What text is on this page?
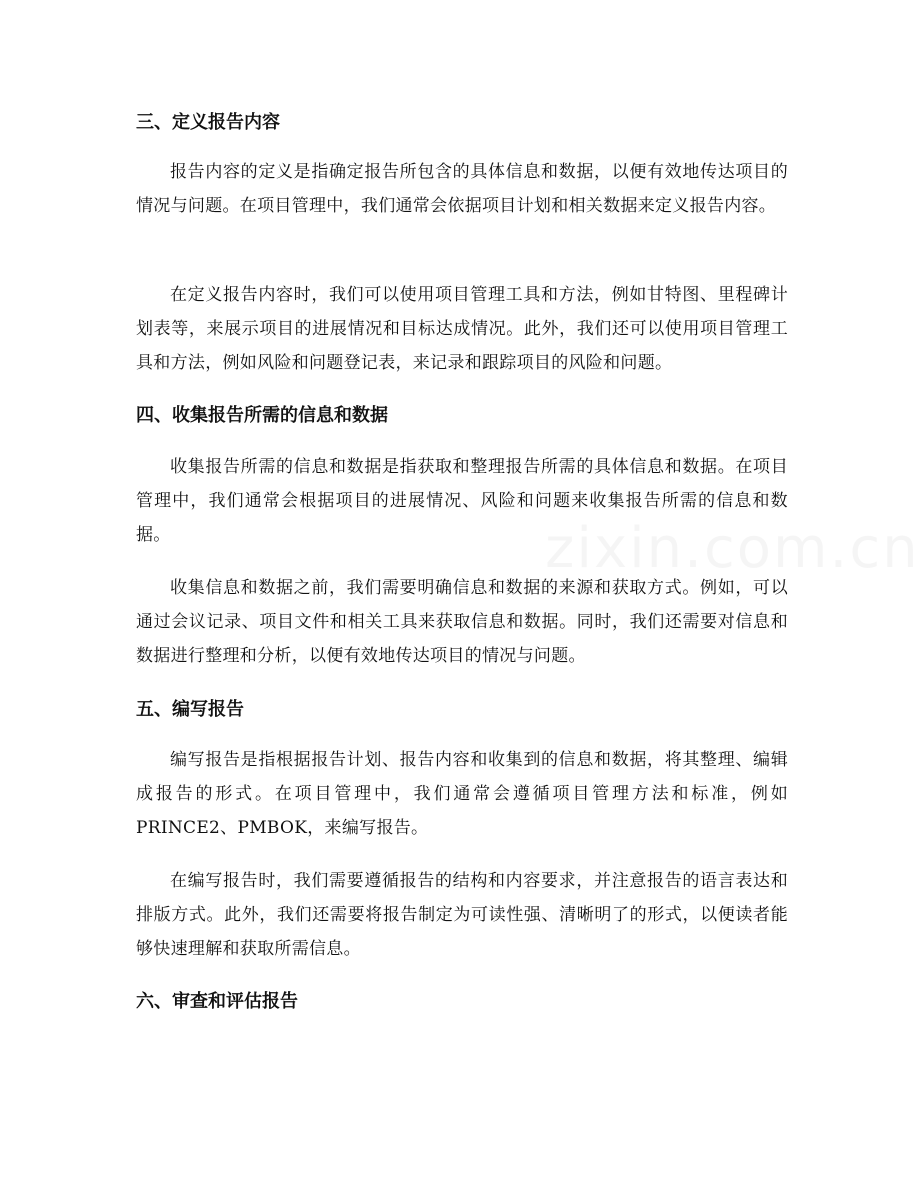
三、定义报告内容

报告内容的定义是指确定报告所包含的具体信息和数据，以便有效地传达项目的情况与问题。在项目管理中，我们通常会依据项目计划和相关数据来定义报告内容。

在定义报告内容时，我们可以使用项目管理工具和方法，例如甘特图、里程碑计划表等，来展示项目的进展情况和目标达成情况。此外，我们还可以使用项目管理工具和方法，例如风险和问题登记表，来记录和跟踪项目的风险和问题。

四、收集报告所需的信息和数据

收集报告所需的信息和数据是指获取和整理报告所需的具体信息和数据。在项目管理中，我们通常会根据项目的进展情况、风险和问题来收集报告所需的信息和数据。

收集信息和数据之前，我们需要明确信息和数据的来源和获取方式。例如，可以通过会议记录、项目文件和相关工具来获取信息和数据。同时，我们还需要对信息和数据进行整理和分析，以便有效地传达项目的情况与问题。

五、编写报告

编写报告是指根据报告计划、报告内容和收集到的信息和数据，将其整理、编辑成报告的形式。在项目管理中，我们通常会遵循项目管理方法和标准，例如PRINCE2、PMBOK，来编写报告。

在编写报告时，我们需要遵循报告的结构和内容要求，并注意报告的语言表达和排版方式。此外，我们还需要将报告制定为可读性强、清晰明了的形式，以便读者能够快速理解和获取所需信息。

六、审查和评估报告
